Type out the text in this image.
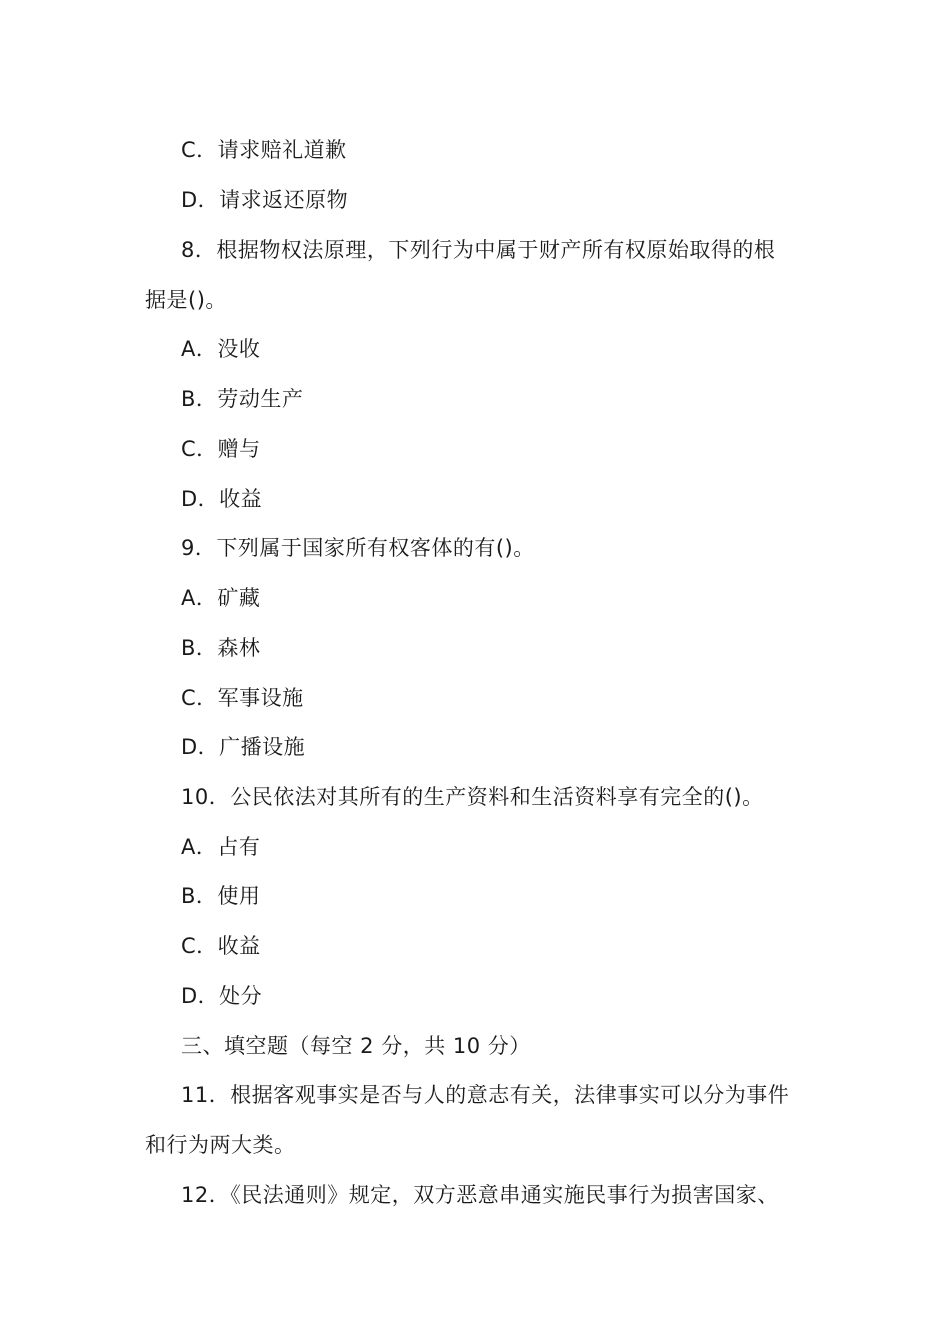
C．请求赔礼道歉
D．请求返还原物
8．根据物权法原理，下列行为中属于财产所有权原始取得的根
据是()。
A．没收
B．劳动生产
C．赠与
D．收益
9．下列属于国家所有权客体的有()。
A．矿藏
B．森林
C．军事设施
D．广播设施
10．公民依法对其所有的生产资料和生活资料享有完全的()。
A．占有
B．使用
C．收益
D．处分
三、填空题（每空 2 分，共 10 分）
11．根据客观事实是否与人的意志有关，法律事实可以分为事件
和行为两大类。
12．《民法通则》规定，双方恶意串通实施民事行为损害国家、
